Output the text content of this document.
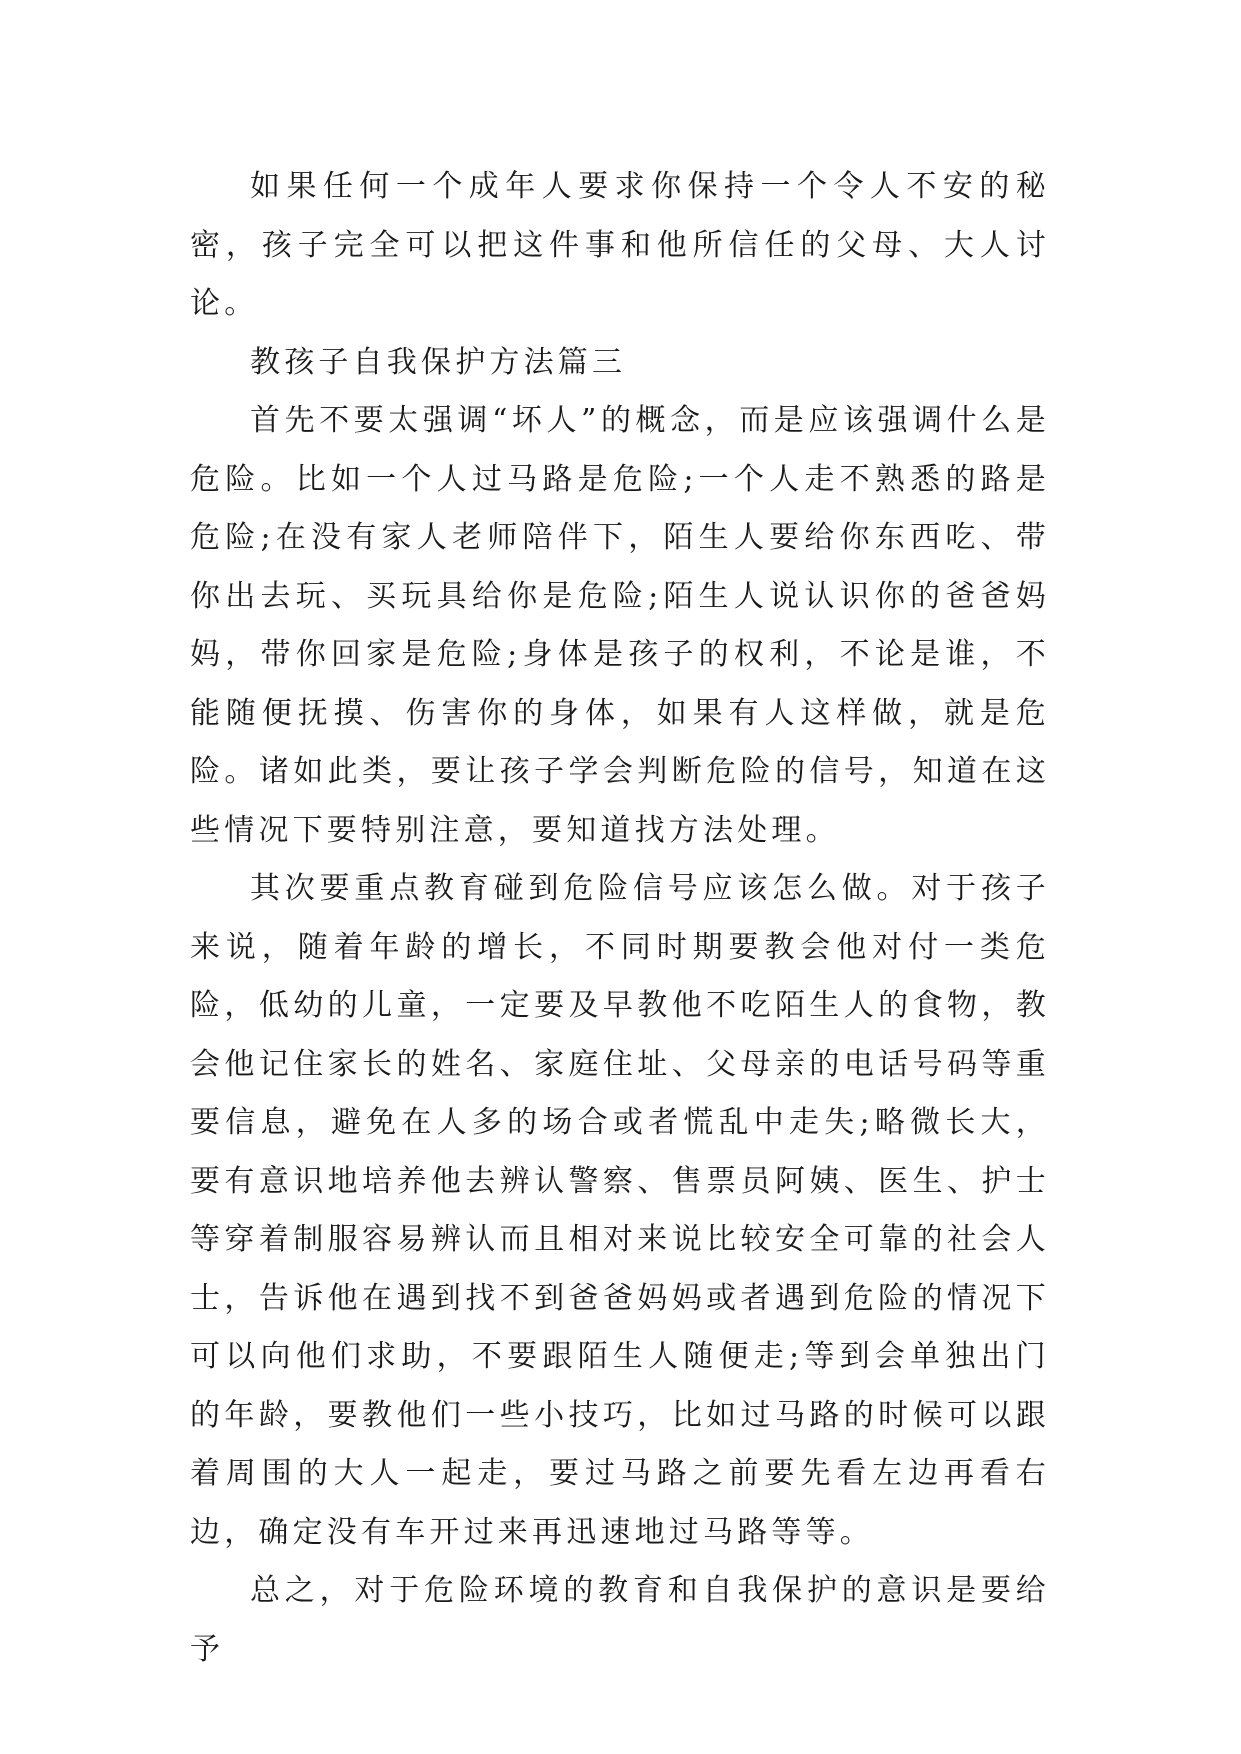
如果任何一个成年人要求你保持一个令人不安的秘密，孩子完全可以把这件事和他所信任的父母、大人讨论。

教孩子自我保护方法篇三

首先不要太强调“坏人”的概念，而是应该强调什么是危险。比如一个人过马路是危险;一个人走不熟悉的路是危险;在没有家人老师陪伴下，陌生人要给你东西吃、带你出去玩、买玩具给你是危险;陌生人说认识你的爸爸妈妈，带你回家是危险;身体是孩子的权利，不论是谁，不能随便抚摸、伤害你的身体，如果有人这样做，就是危险。诸如此类，要让孩子学会判断危险的信号，知道在这些情况下要特别注意，要知道找方法处理。

其次要重点教育碰到危险信号应该怎么做。对于孩子来说，随着年龄的增长，不同时期要教会他对付一类危险，低幼的儿童，一定要及早教他不吃陌生人的食物，教会他记住家长的姓名、家庭住址、父母亲的电话号码等重要信息，避免在人多的场合或者慌乱中走失;略微长大，要有意识地培养他去辨认警察、售票员阿姨、医生、护士等穿着制服容易辨认而且相对来说比较安全可靠的社会人士，告诉他在遇到找不到爸爸妈妈或者遇到危险的情况下可以向他们求助，不要跟陌生人随便走;等到会单独出门的年龄，要教他们一些小技巧，比如过马路的时候可以跟着周围的大人一起走，要过马路之前要先看左边再看右边，确定没有车开过来再迅速地过马路等等。

总之，对于危险环境的教育和自我保护的意识是要给予
